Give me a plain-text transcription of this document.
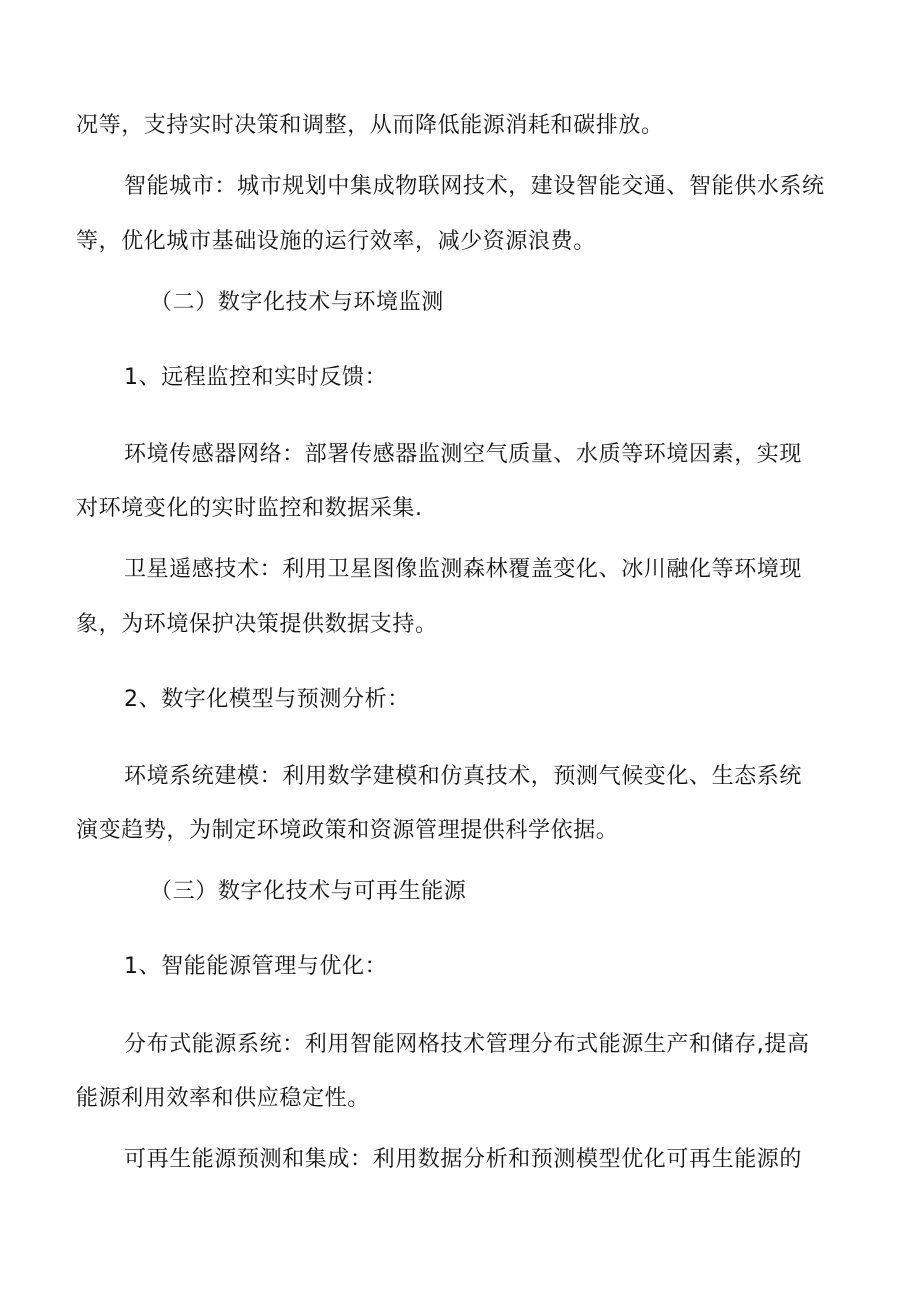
况等，支持实时决策和调整，从而降低能源消耗和碳排放。

智能城市：城市规划中集成物联网技术，建设智能交通、智能供水系统

等，优化城市基础设施的运行效率，减少资源浪费。

（二）数字化技术与环境监测

1、远程监控和实时反馈：

环境传感器网络：部署传感器监测空气质量、水质等环境因素，实现

对环境变化的实时监控和数据采集.

卫星遥感技术：利用卫星图像监测森林覆盖变化、冰川融化等环境现

象，为环境保护决策提供数据支持。

2、数字化模型与预测分析：

环境系统建模：利用数学建模和仿真技术，预测气候变化、生态系统

演变趋势，为制定环境政策和资源管理提供科学依据。

（三）数字化技术与可再生能源

1、智能能源管理与优化：

分布式能源系统：利用智能网格技术管理分布式能源生产和储存,提高

能源利用效率和供应稳定性。

可再生能源预测和集成：利用数据分析和预测模型优化可再生能源的
